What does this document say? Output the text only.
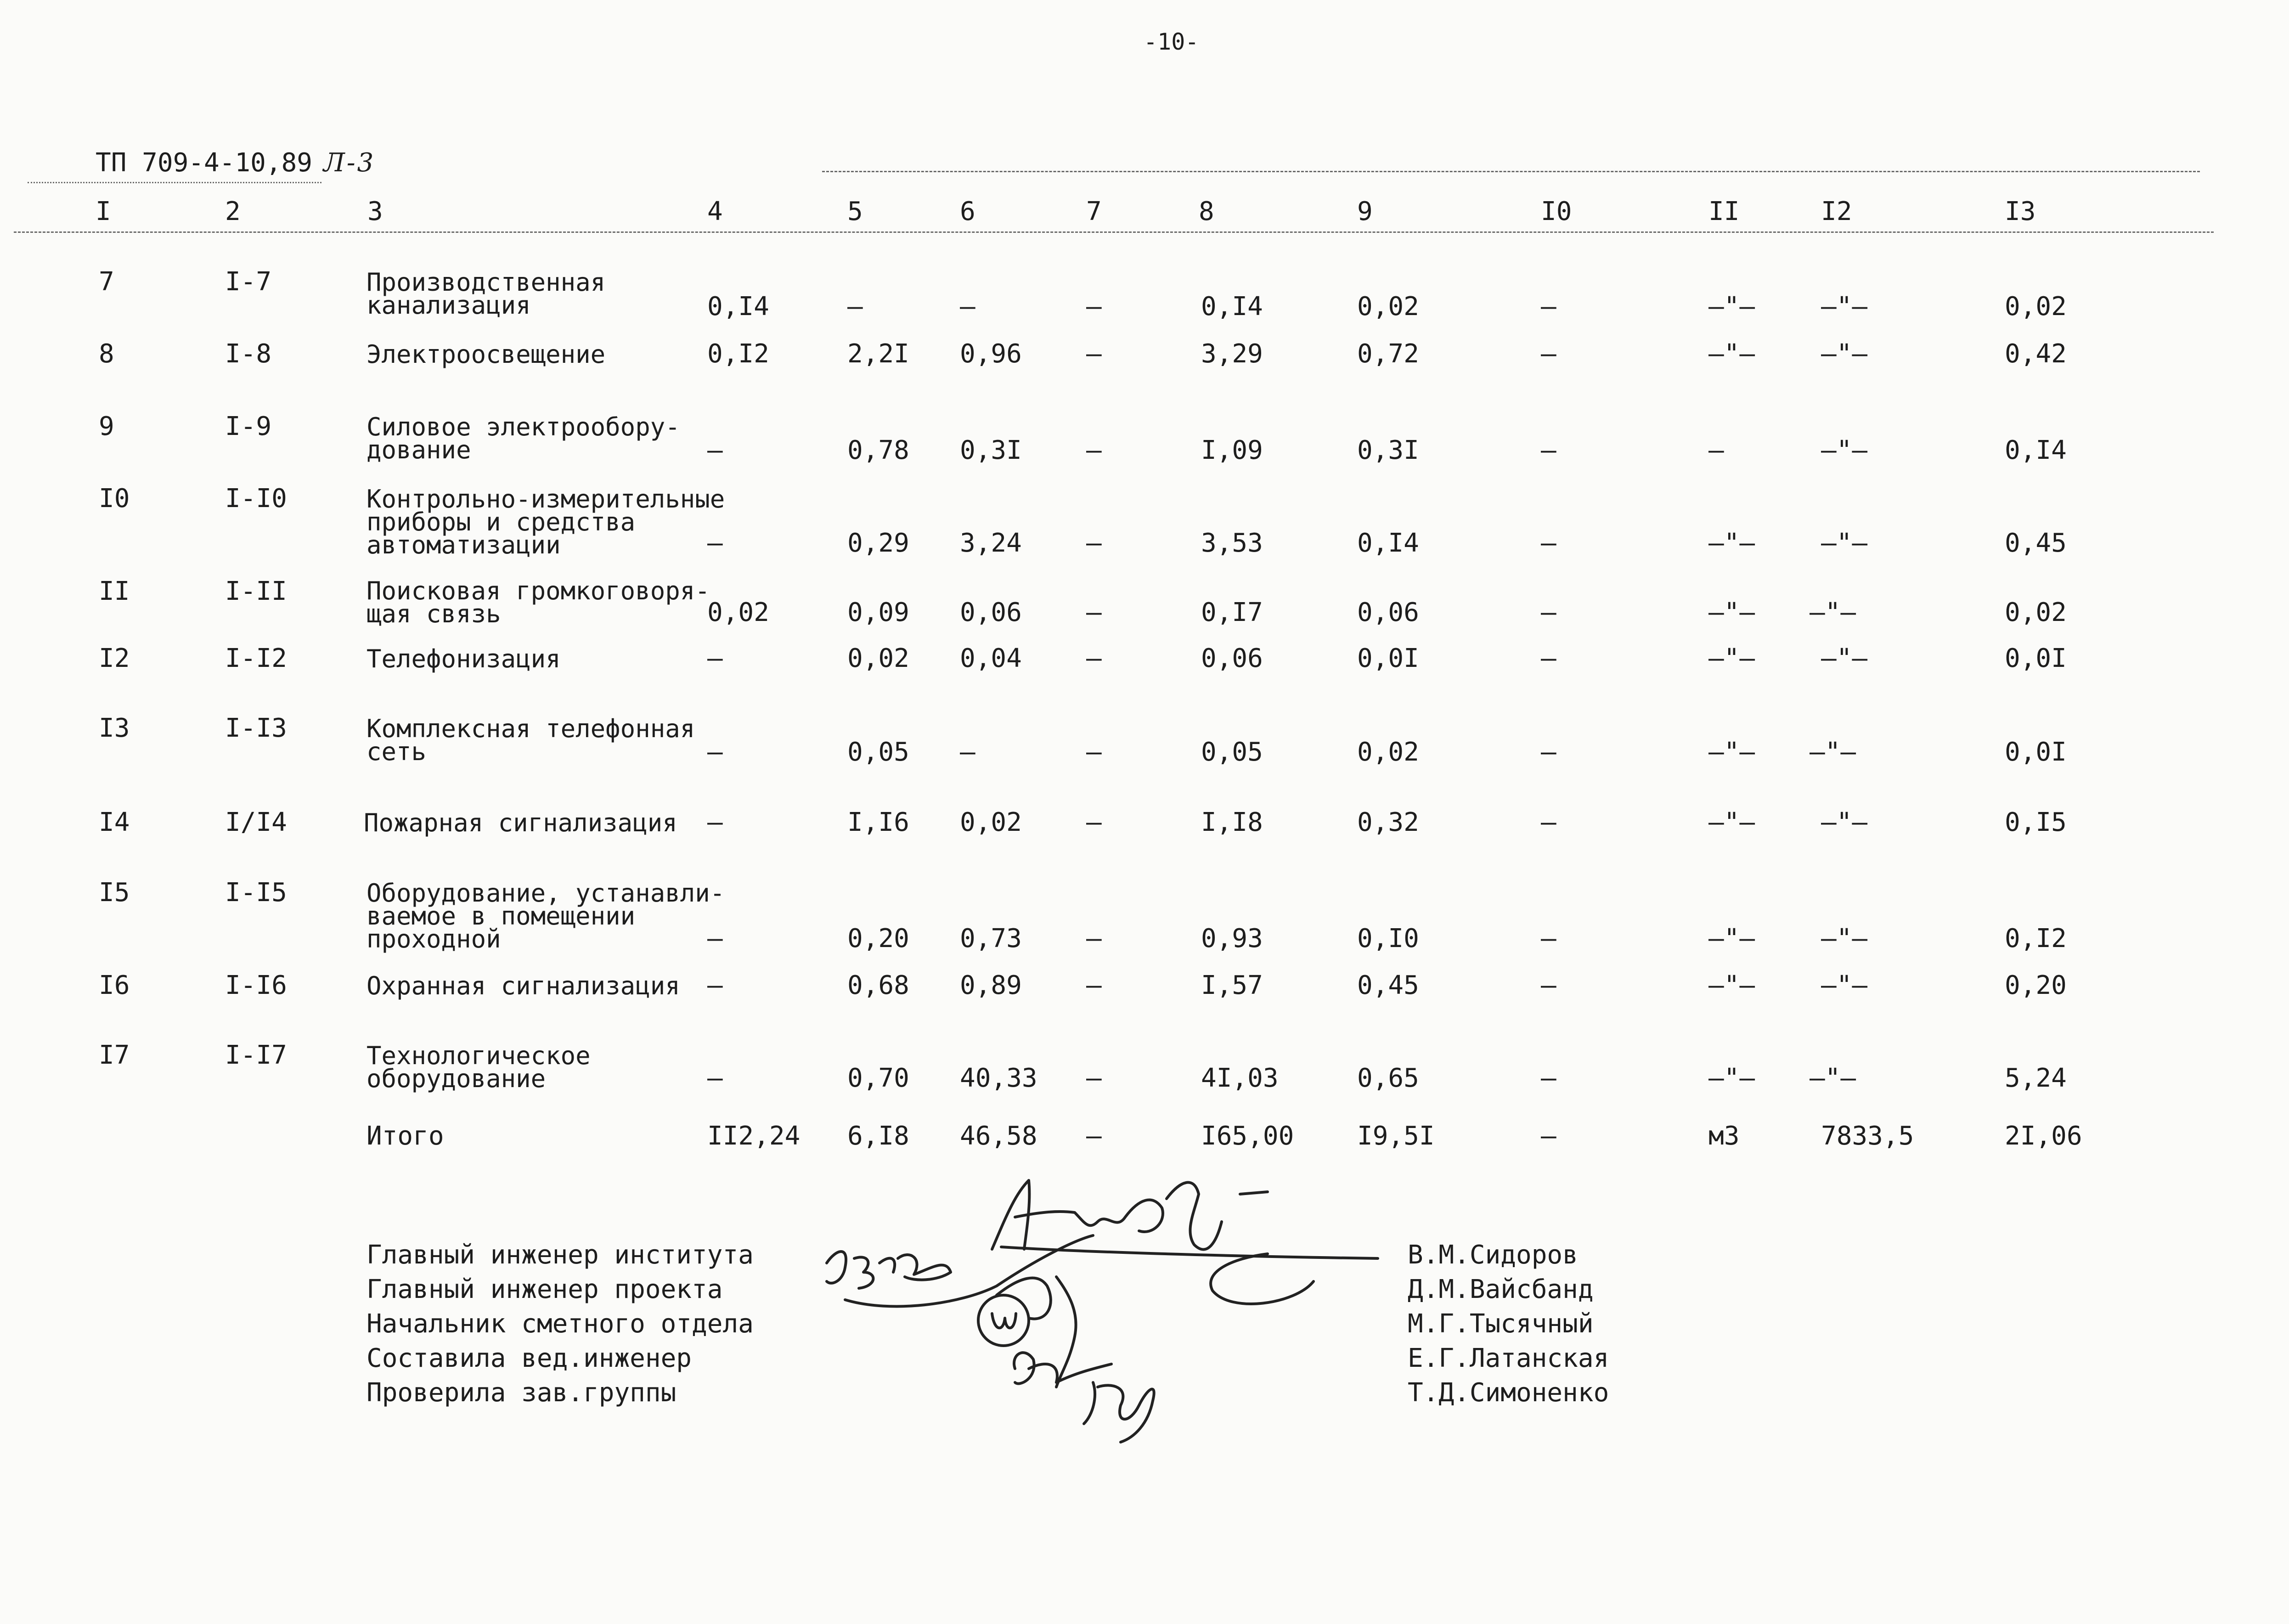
-10-
ТП 709-4-10,89 Л-3
I	2	3	4	5	6	7	8	9	I0	II	I2	I3
7	I-7	Производственная
канализация	0,I4	–	–	–	0,I4	0,02	–	–"–	–"–	0,02
8	I-8	Электроосвещение	0,I2	2,2I 0,96	–	3,29	0,72	–	–"–	–"–	0,42
9	I-9	Силовое электрообору-
дование	–	0,78 0,3I	–	I,09	0,3I	–	–	–"–	0,I4
I0	I-I0	Контрольно-измерительные
приборы и средства
автоматизации	–	0,29 3,24	–	3,53	0,I4	–	–"–	–"–	0,45
II	I-II	Поисковая громкоговоря-
щая связь	0,02	0,09 0,06	–	0,I7	0,06	–	–"– –"–	0,02
I2	I-I2	Телефонизация	–	0,02 0,04	–	0,06	0,0I	–	–"–	–"–	0,0I
I3	I-I3	Комплексная телефонная
сеть	–	0,05 –	–	0,05	0,02	–	–"– –"–	0,0I
I4	I/I4	Пожарная сигнализация –	I,I6 0,02	–	I,I8	0,32	–	–"–	–"–	0,I5
I5	I-I5	Оборудование, устанавли-
ваемое в помещении
проходной	–	0,20 0,73	–	0,93	0,I0	–	–"–	–"–	0,I2
I6	I-I6	Охранная сигнализация –	0,68 0,89	–	I,57	0,45	–	–"–	–"–	0,20
I7	I-I7	Технологическое
оборудование	–	0,70 40,33 –	4I,03	0,65	–	–"– –"–	5,24
Итого	II2,24 6,I8 46,58 –	I65,00 I9,5I	–	м3	7833,5	2I,06
Главный инженер института
Главный инженер проекта
Начальник сметного отдела
Составила вед.инженер
Проверила зав.группы
В.М.Сидоров
Д.М.Вайсбанд
М.Г.Тысячный
Е.Г.Латанская
Т.Д.Симоненко
